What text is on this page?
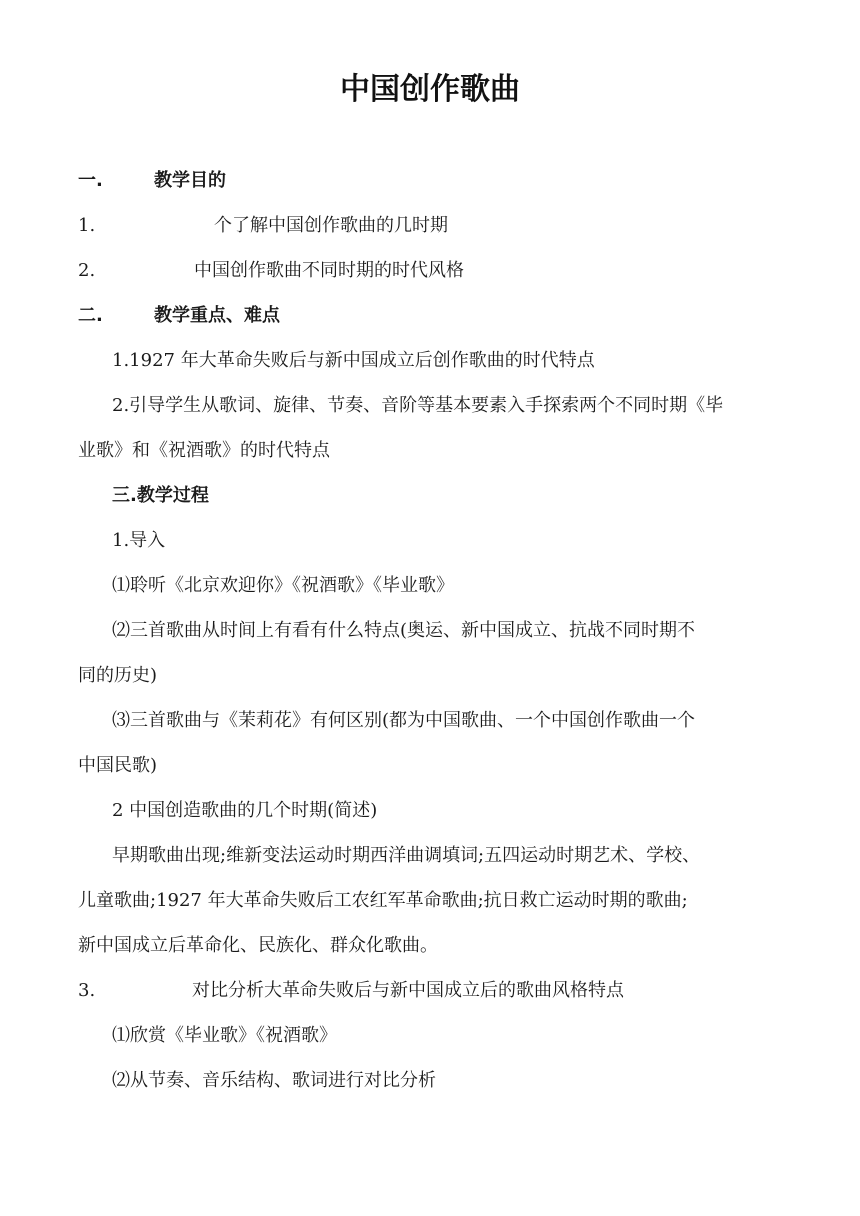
中国创作歌曲
一.	教学目的
1.	个了解中国创作歌曲的几时期
2.	中国创作歌曲不同时期的时代风格
二.	教学重点、难点
1.1927 年大革命失败后与新中国成立后创作歌曲的时代特点
2.引导学生从歌词、旋律、节奏、音阶等基本要素入手探索两个不同时期《毕
业歌》和《祝酒歌》的时代特点
三.教学过程
1.导入
⑴聆听《北京欢迎你》《祝酒歌》《毕业歌》
⑵三首歌曲从时间上有看有什么特点(奥运、新中国成立、抗战不同时期不
同的历史)
⑶三首歌曲与《茉莉花》有何区别(都为中国歌曲、一个中国创作歌曲一个
中国民歌)
2 中国创造歌曲的几个时期(简述)
早期歌曲出现;维新变法运动时期西洋曲调填词;五四运动时期艺术、学校、
儿童歌曲;1927 年大革命失败后工农红军革命歌曲;抗日救亡运动时期的歌曲;
新中国成立后革命化、民族化、群众化歌曲。
3.	对比分析大革命失败后与新中国成立后的歌曲风格特点
⑴欣赏《毕业歌》《祝酒歌》
⑵从节奏、音乐结构、歌词进行对比分析
